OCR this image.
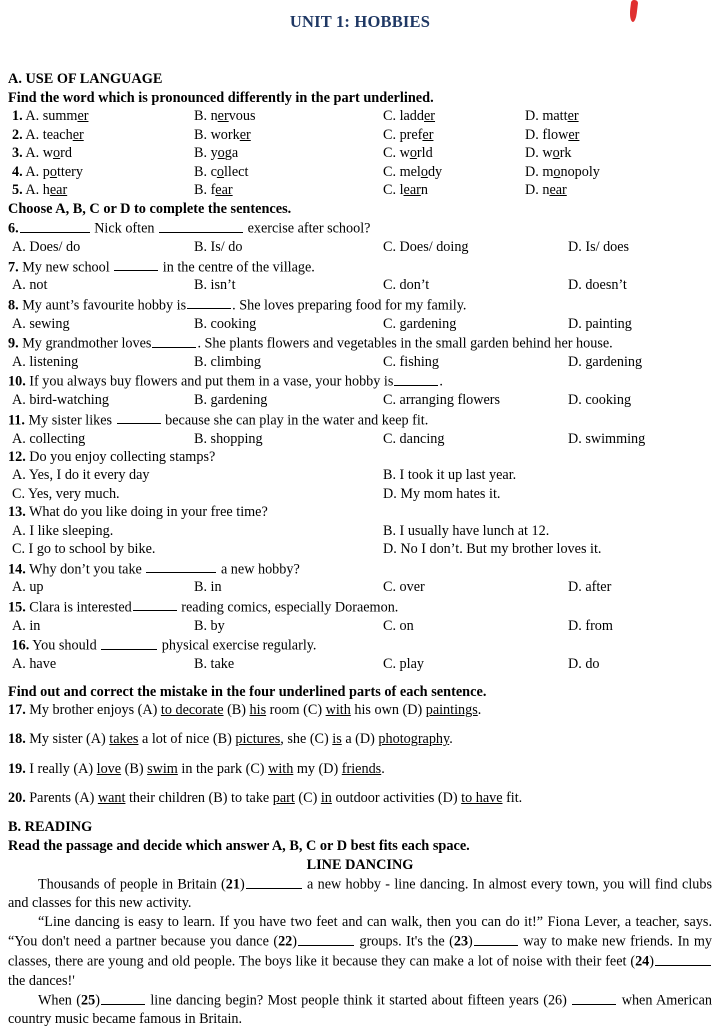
UNIT 1: HOBBIES
A. USE OF LANGUAGE
Find the word which is pronounced differently in the part underlined.
1. A. summer	B. nervous	C. ladder	D. matter
2. A. teacher	B. worker	C. prefer	D. flower
3. A. word	B. yoga	C. world	D. work
4. A. pottery	B. collect	C. melody	D. monopoly
5. A. hear	B. fear	C. learn	D. near
Choose A, B, C or D to complete the sentences.
6.	Nick often	exercise after school?
A. Does/ do	B. Is/ do	C. Does/ doing	D. Is/ does
7. My new school	in the centre of the village.
A. not	B. isn’t	C. don’t	D. doesn’t
8. My aunt’s favourite hobby is	. She loves preparing food for my family.
A. sewing	B. cooking	C. gardening	D. painting
9. My grandmother loves	. She plants flowers and vegetables in the small garden behind her house.
A. listening	B. climbing	C. fishing	D. gardening
10. If you always buy flowers and put them in a vase, your hobby is	.
A. bird-watching	B. gardening	C. arranging flowers	D. cooking
11. My sister likes	because she can play in the water and keep fit.
A. collecting	B. shopping	C. dancing	D. swimming
12. Do you enjoy collecting stamps?
A. Yes, I do it every day	B. I took it up last year.
C. Yes, very much.	D. My mom hates it.
13. What do you like doing in your free time?
A. I like sleeping.	B. I usually have lunch at 12.
C. I go to school by bike.	D. No I don’t. But my brother loves it.
14. Why don’t you take	a new hobby?
A. up	B. in	C. over	D. after
15. Clara is interested	reading comics, especially Doraemon.
A. in	B. by	C. on	D. from
16. You should	physical exercise regularly.
A. have	B. take	C. play	D. do
Find out and correct the mistake in the four underlined parts of each sentence.
17. My brother enjoys (A) to decorate (B) his room (C) with his own (D) paintings.
18. My sister (A) takes a lot of nice (B) pictures, she (C) is a (D) photography.
19. I really (A) love (B) swim in the park (C) with my (D) friends.
20. Parents (A) want their children (B) to take part (C) in outdoor activities (D) to have fit.
B. READING
Read the passage and decide which answer A, B, C or D best fits each space.
LINE DANCING
Thousands of people in Britain (21)	a new hobby - line dancing. In almost every town, you will find clubs and classes for this new activity.
“Line dancing is easy to learn. If you have two feet and can walk, then you can do it!” Fiona Lever, a teacher, says. “You don't need a partner because you dance (22)	groups. It's the (23)	way to make new friends. In my classes, there are young and old people. The boys like it because they can make a lot of noise with their feet (24) the dances!'
When (25)	line dancing begin? Most people think it started about fifteen years (26)	when American country music became famous in Britain.
